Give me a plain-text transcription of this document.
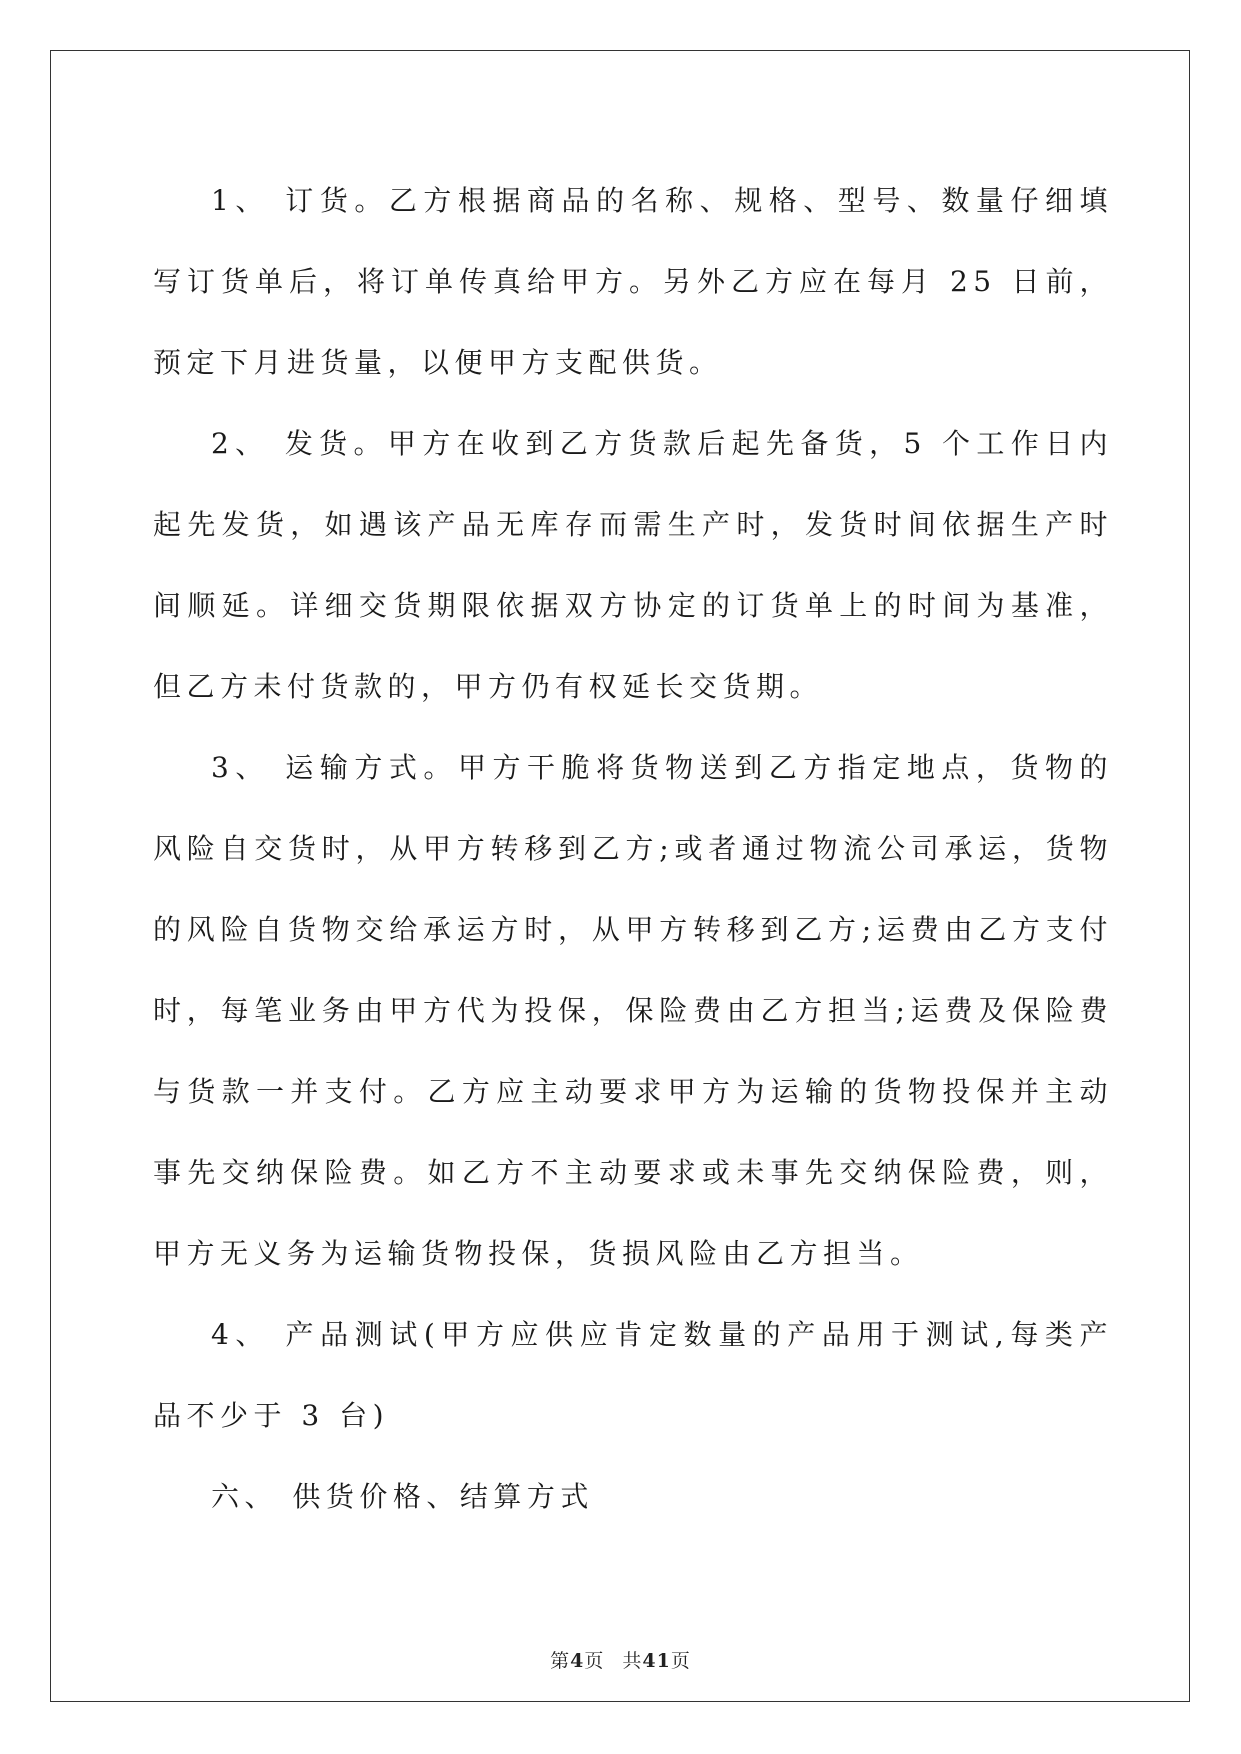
1、 订货。乙方根据商品的名称、规格、型号、数量仔细填写订货单后，将订单传真给甲方。另外乙方应在每月 25 日前，预定下月进货量，以便甲方支配供货。

2、 发货。甲方在收到乙方货款后起先备货，5 个工作日内起先发货，如遇该产品无库存而需生产时，发货时间依据生产时间顺延。详细交货期限依据双方协定的订货单上的时间为基准，但乙方未付货款的，甲方仍有权延长交货期。

3、 运输方式。甲方干脆将货物送到乙方指定地点，货物的风险自交货时，从甲方转移到乙方;或者通过物流公司承运，货物的风险自货物交给承运方时，从甲方转移到乙方;运费由乙方支付时，每笔业务由甲方代为投保，保险费由乙方担当;运费及保险费与货款一并支付。乙方应主动要求甲方为运输的货物投保并主动事先交纳保险费。如乙方不主动要求或未事先交纳保险费，则，甲方无义务为运输货物投保，货损风险由乙方担当。

4、 产品测试(甲方应供应肯定数量的产品用于测试,每类产品不少于 3 台)

六、 供货价格、结算方式

第4页 共41页
